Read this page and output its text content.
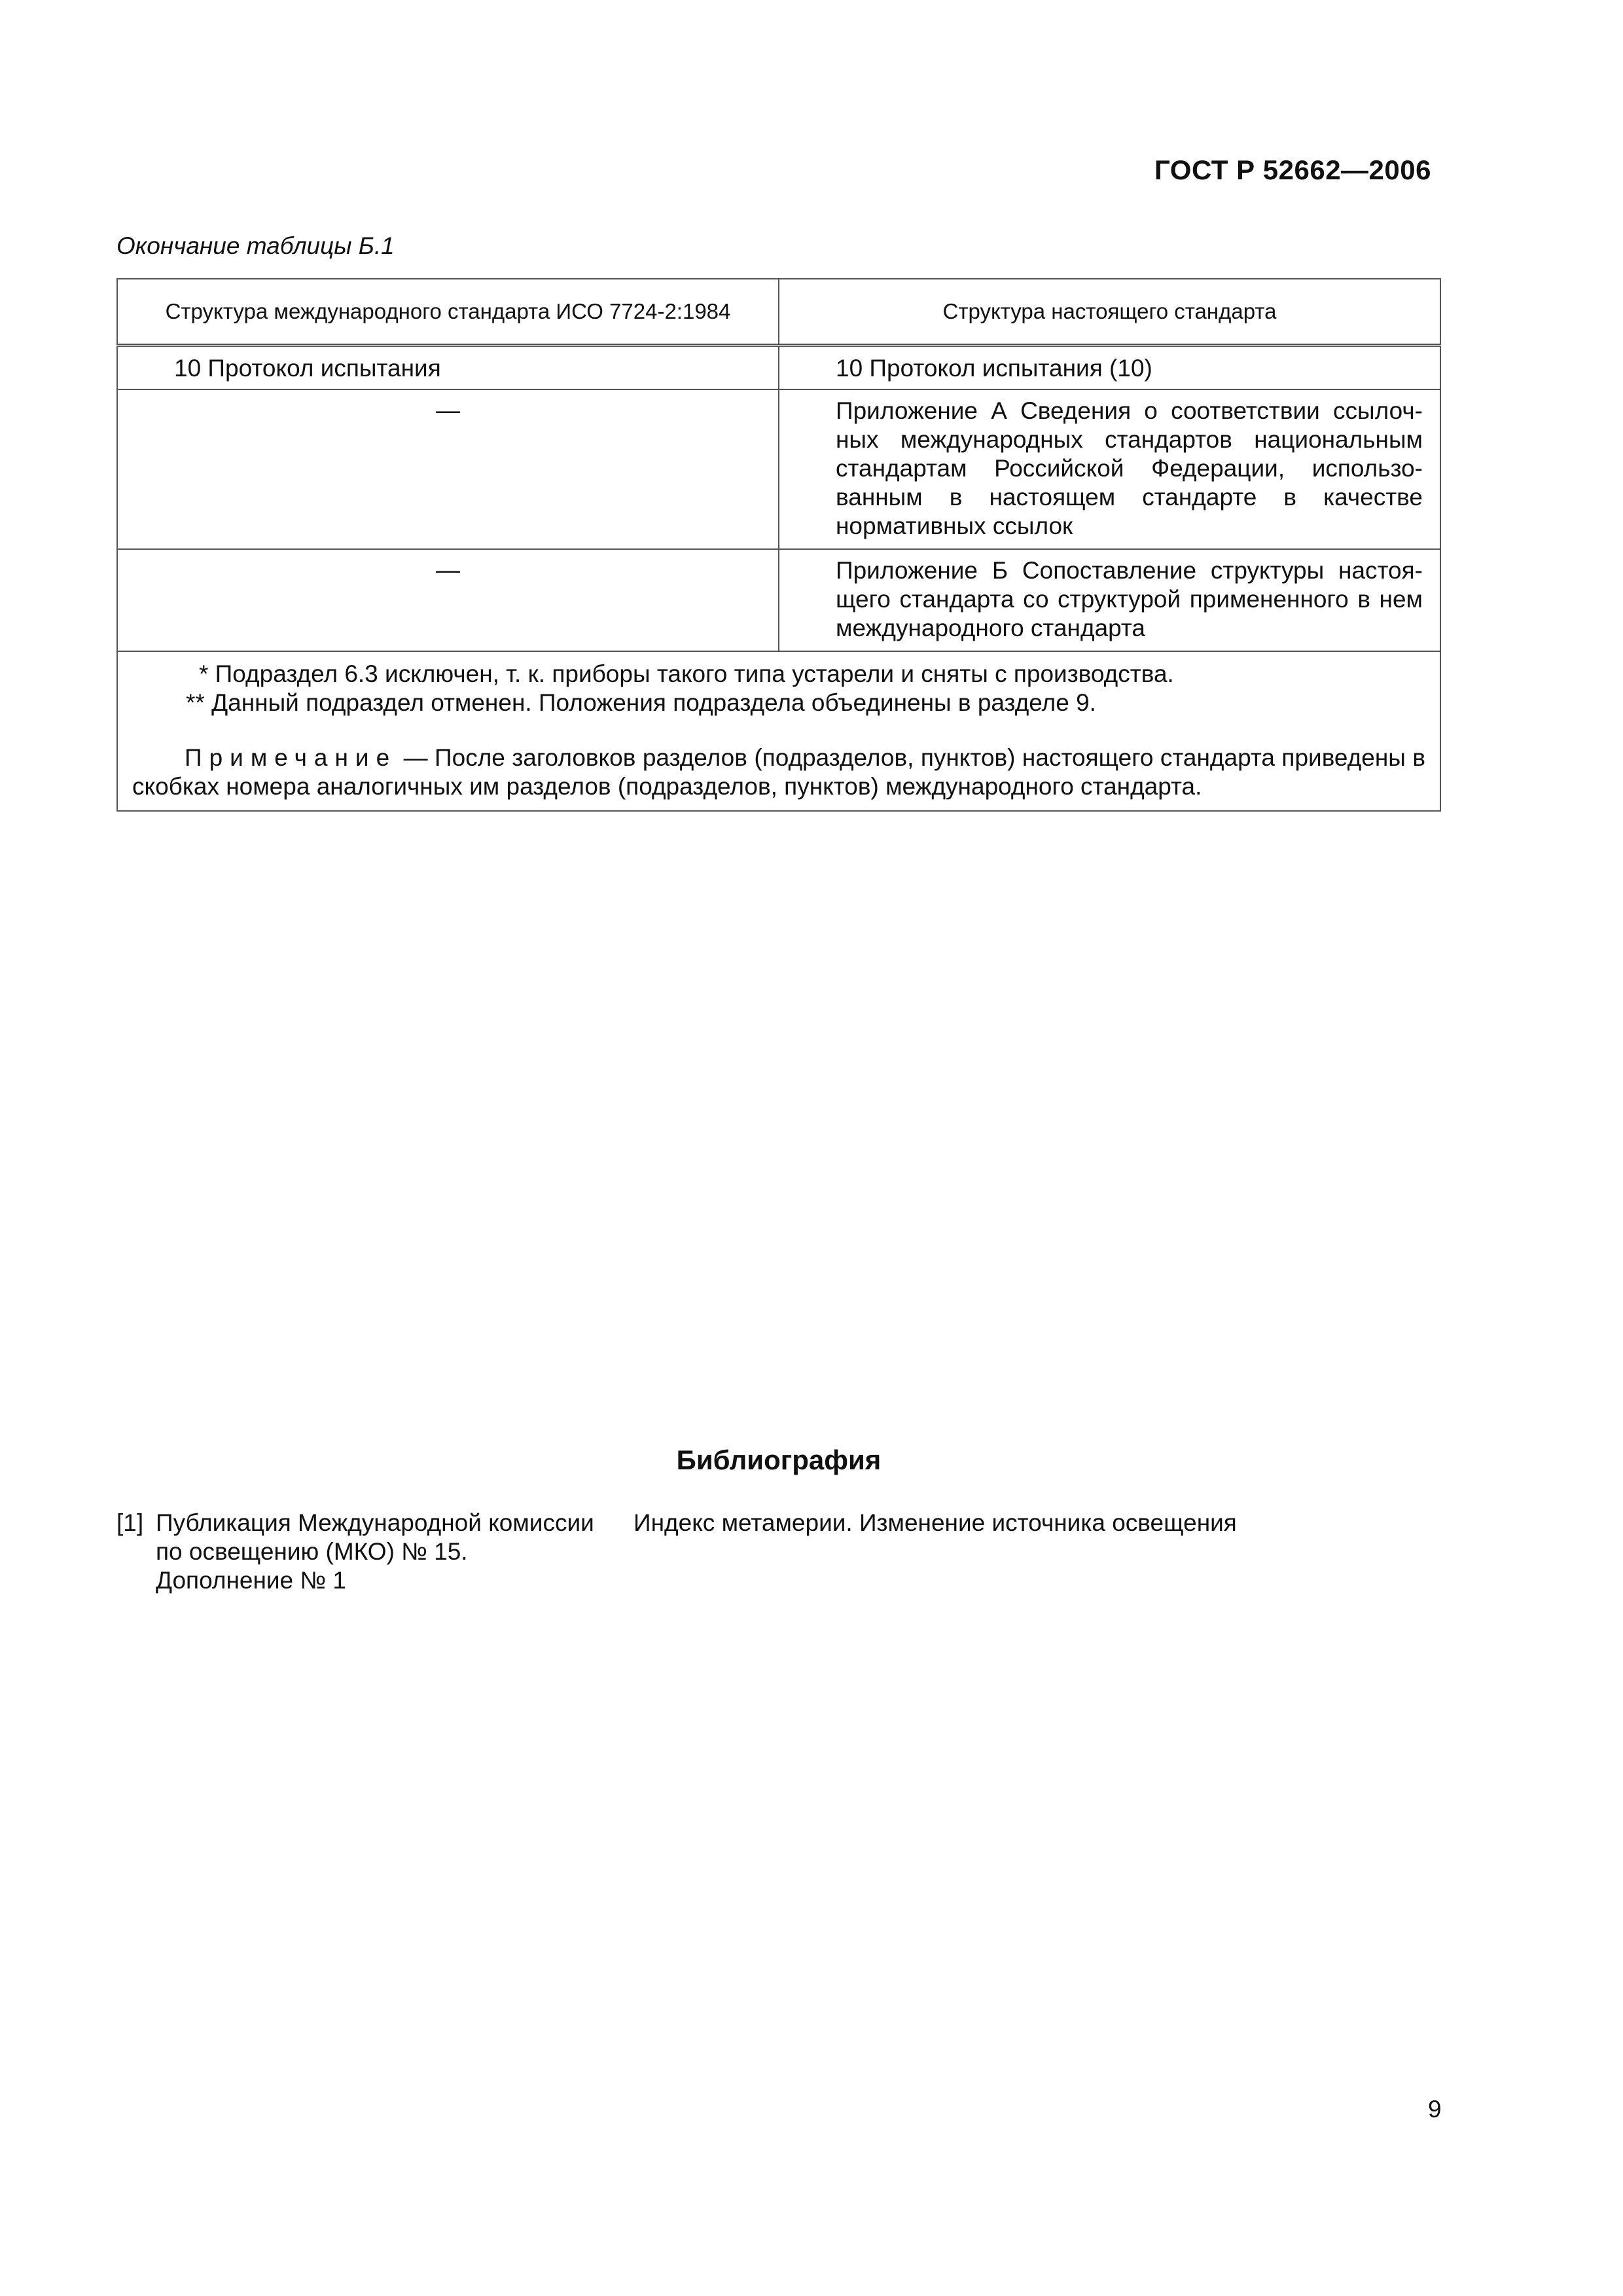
ГОСТ Р 52662—2006
Окончание таблицы Б.1
Структура международного стандарта ИСО 7724-2:1984	Структура настоящего стандарта

10 Протокол испытания	10 Протокол испытания (10)

—	Приложение А Сведения о соответствии ссылоч-ных международных стандартов национальным стандартам Российской Федерации, использо-ванным в настоящем стандарте в качестве нормативных ссылок

—	Приложение Б Сопоставление структуры настоя-щего стандарта со структурой примененного в нем международного стандарта

* Подраздел 6.3 исключен, т. к. приборы такого типа устарели и сняты с производства.
** Данный подраздел отменен. Положения подраздела объединены в разделе 9.
Примечание — После заголовков разделов (подразделов, пунктов) настоящего стандарта приведены в скобках номера аналогичных им разделов (подразделов, пунктов) международного стандарта.	
Библиография
[1] Публикация Международной комиссии
по освещению (МКО) № 15.
Дополнение № 1
Индекс метамерии. Изменение источника освещения
9
